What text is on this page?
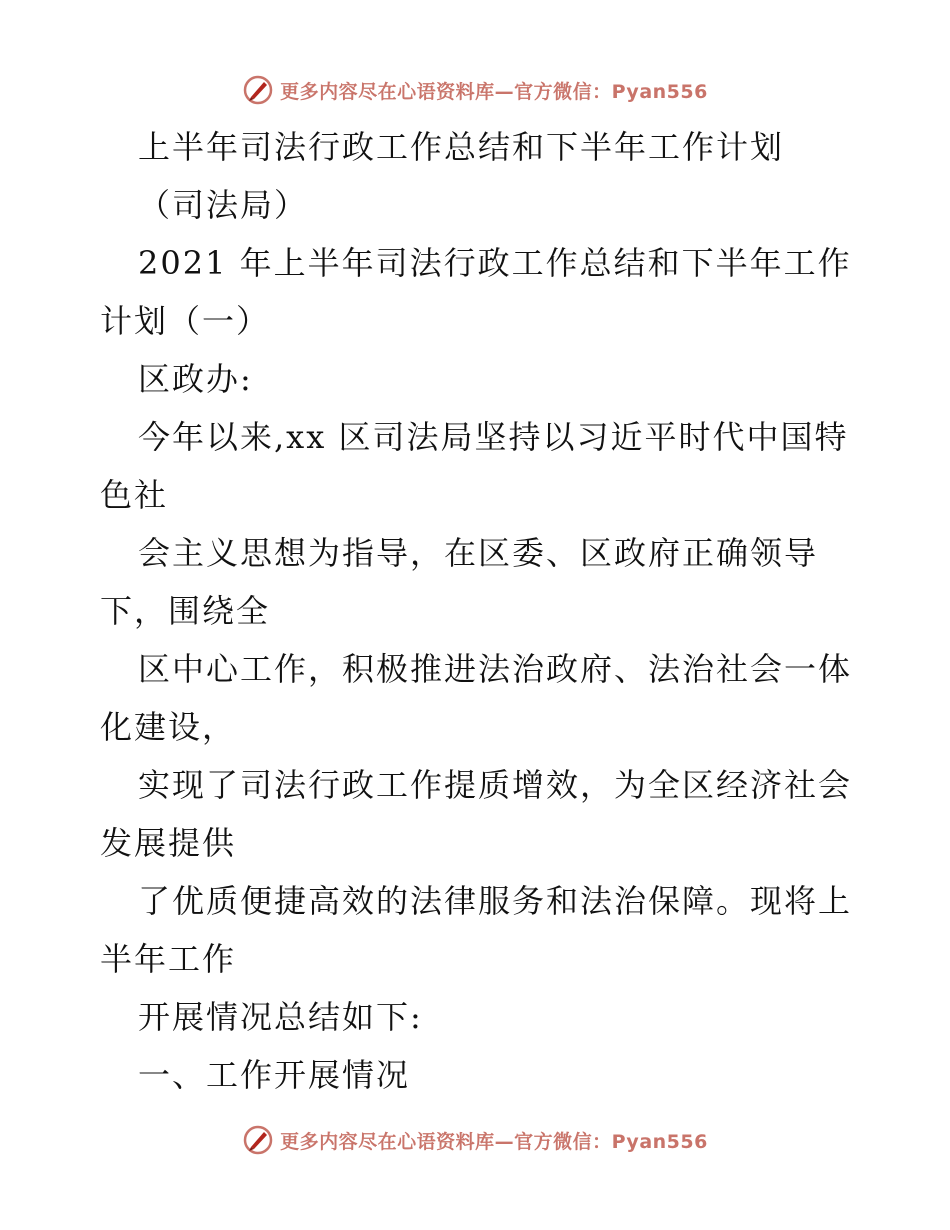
更多内容尽在心语资料库—官方微信：Pyan556
上半年司法行政工作总结和下半年工作计划
（司法局）
2021 年上半年司法行政工作总结和下半年工作
计划（一）
区政办:
今年以来,xx 区司法局坚持以习近平时代中国特
色社
会主义思想为指导，在区委、区政府正确领导
下，围绕全
区中心工作，积极推进法治政府、法治社会一体
化建设，
实现了司法行政工作提质增效，为全区经济社会
发展提供
了优质便捷高效的法律服务和法治保障。现将上
半年工作
开展情况总结如下:
一、工作开展情况
更多内容尽在心语资料库—官方微信：Pyan556
